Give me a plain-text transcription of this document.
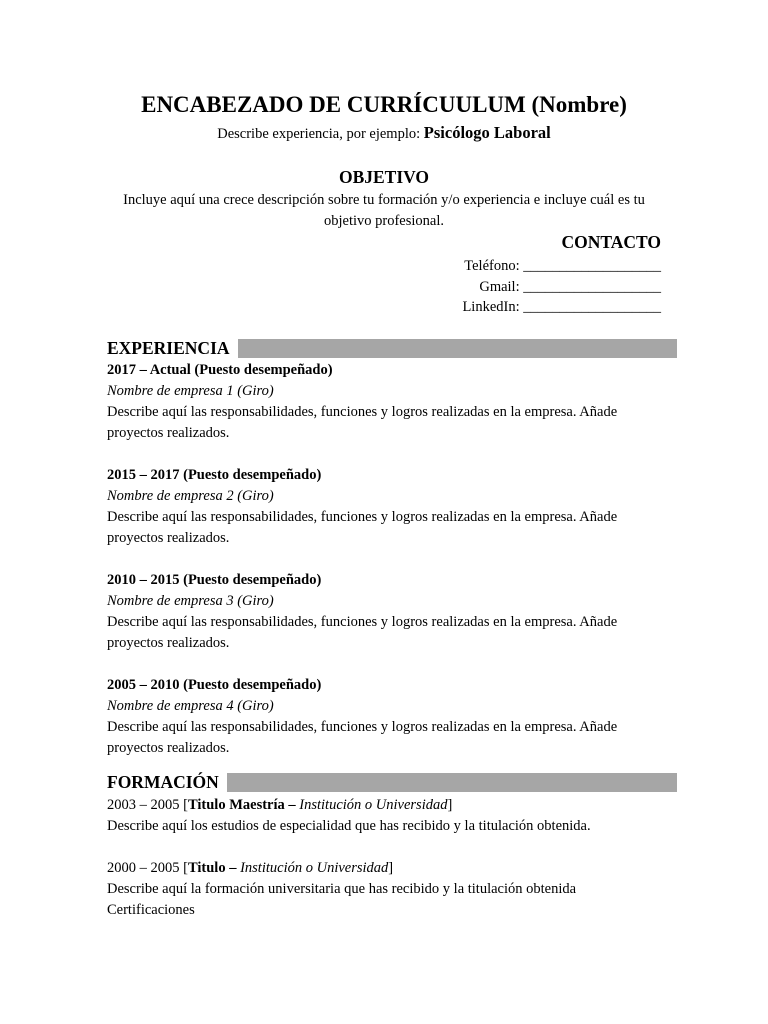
ENCABEZADO DE CURRÍCUULUM (Nombre)
Describe experiencia, por ejemplo: Psicólogo Laboral
OBJETIVO
Incluye aquí una crece descripción sobre tu formación y/o experiencia e incluye cuál es tu objetivo profesional.
CONTACTO
Teléfono: ___________________
Gmail: ___________________
LinkedIn: ___________________
EXPERIENCIA
2017 – Actual (Puesto desempeñado)
Nombre de empresa 1 (Giro)
Describe aquí las responsabilidades, funciones y logros realizadas en la empresa. Añade proyectos realizados.
2015 – 2017 (Puesto desempeñado)
Nombre de empresa 2 (Giro)
Describe aquí las responsabilidades, funciones y logros realizadas en la empresa. Añade proyectos realizados.
2010 – 2015 (Puesto desempeñado)
Nombre de empresa 3 (Giro)
Describe aquí las responsabilidades, funciones y logros realizadas en la empresa. Añade proyectos realizados.
2005 – 2010 (Puesto desempeñado)
Nombre de empresa 4 (Giro)
Describe aquí las responsabilidades, funciones y logros realizadas en la empresa. Añade proyectos realizados.
FORMACIÓN
2003 – 2005 [Titulo Maestría – Institución o Universidad]
Describe aquí los estudios de especialidad que has recibido y la titulación obtenida.
2000 – 2005 [Titulo – Institución o Universidad]
Describe aquí la formación universitaria que has recibido y la titulación obtenida
Certificaciones
